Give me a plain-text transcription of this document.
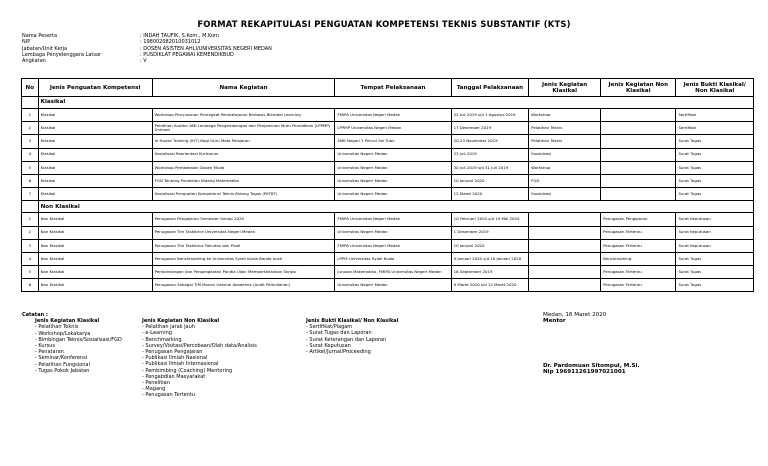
FORMAT REKAPITULASI PENGUATAN KOMPETENSI TEKNIS SUBSTANTIF (KTS)
Nama Peserta	: INDAH TAUFIK, S.Kom., M.Kom
NIP	: 198002082010031012
Jabatan/Unit Kerja	: DOSEN ASISTEN AHLI/UNIVERSITAS NEGERI MEDAN
Lembaga Penyelenggara Latsar	: PUSDIKLAT PEGAWAI KEMENDIKBUD
Angkatan	: V
No	Jenis Penguatan Kompetensi	Nama Kegiatan	Tempat Pelaksanaan	Tanggal Pelaksanaan	Jenis Kegiatan Klasikal	Jenis Kegiatan Non Klasikal	Jenis Bukti Klasikal/ Non Klasikal
	Klasikal						
1	Klasikal	Workshop Penyusunan Perangkat Pembelajaran Berbasis Blended Learning	FMIPA Universitas Negeri Medan	22 Juli 2019 s/d 1 Agustus 2019	Workshop		Sertifikat
2	Klasikal	Pelatihan Auditor AMI Lembaga Pengembangan dan Penjaminan Mutu Pendidikan (LPPMP) Unimed	LPPMP Universitas Negeri Medan	17 Desember 2019	Pelatihan Teknis		Sertifikat
3	Klasikal	In House Training (IHT) Bagi Guru Mata Pelajaran	SMK Negeri 1 Percut Sei Tuan	20-23 November 2019	Pelatihan Teknis		Surat Tugas
4	Klasikal	Sosialisasi Reorientasi Kurikulum	Universitas Negeri Medan	23 Juli 2019	Sosialisasi		Surat Tugas
5	Klasikal	Workshop Pembekalan Dosen Muda	Universitas Negeri Medan	30 Juli 2019 s/d 31 Juli 2019	Workshop		Surat Tugas
6	Klasikal	FGD Tentang Penelitian Bidang Matematika	Universitas Negeri Medan	10 Januari 2020	FGD		Surat Tugas
7	Klasikal	Sosialisasi Penguatan Kompetensi Teknis Bidang Tugas (PKTBT)	Universitas Negeri Medan	12 Maret 2020	Sosialisasi		Surat Tugas
	Non Klasikal						
1	Non Klasikal	Penugasan Pengajaran Semester Genap 2020	FMIPA Universitas Negeri Medan	10 Februari 2020 s/d 19 Mei 2020		Penugasan Pengajaran	Surat Keputusan
2	Non Klasikal	Penugasan Tim Taskforce Universitas Negeri Medan	Universitas Negeri Medan	1 Desember 2019		Penugasan Tertentu	Surat Keputusan
3	Non Klasikal	Penugasan Tim Taskforce Fakultas dan Prodi	FMIPA Universitas Negeri Medan	10 Januari 2020		Penugasan Tertentu	Surat Keputusan
4	Non Klasikal	Penugasan Benchmarking ke Universitas Syiah Kuala Banda Aceh	LPPM Universitas Syiah Kuala	9 Januari 2020 s/d 10 Januari 2020		Benchmarking	Surat Tugas
5	Non Klasikal	Pembimbingan dan Pengangkatan Panitia Ujian Mempertahankan Skripsi	Jurusan Matematika, FMIPA Universitas Negeri Medan	16 September 2019		Penugasan Tertentu	Surat Tugas
6	Non Klasikal	Penugasan Sebagai TIM Monev Internal Akademik (Audit Perkuliahan)	Universitas Negeri Medan	9 Maret 2020 s/d 12 Maret 2020		Penugasan Tertentu	Surat Tugas
Catatan :
Jenis Kegiatan Klasikal
- Pelatihan Teknis
- Workshop/Lokakarya
- Bimbingan Teknis/Sosialisasi/FGD
- Kursus
- Penataran
- Seminar/Konferensi
- Pelatihan Fungsional
- Tugas Pokok Jabatan
Jenis Kegiatan Non Klasikal
- Pelatihan jarak jauh
- e-Learning
- Benchmarking
- Survey/Visitasi/Percobaan/Olah data/Analisis
- Penugasan Pengajaran
- Publikasi Ilmiah Nasional
- Publikasi Ilmiah Internasional
- Pembimbing (Coaching) Mentoring
- Pengabdian Masyarakat
- Penelitian
- Magang
- Penugasan Tertentu
Jenis Bukti Klasikal/ Non Klasikal
- Sertifikat/Piagam
- Surat Tugas dan Laporan
- Surat Keterangan dan Laporan
- Surat Keputusan
- Artikel/Jurnal/Proceeding
Medan, 16 Maret 2020
Mentor
Dr. Pardomuan Sitompul, M.Si.
Nip 196911261997021001
